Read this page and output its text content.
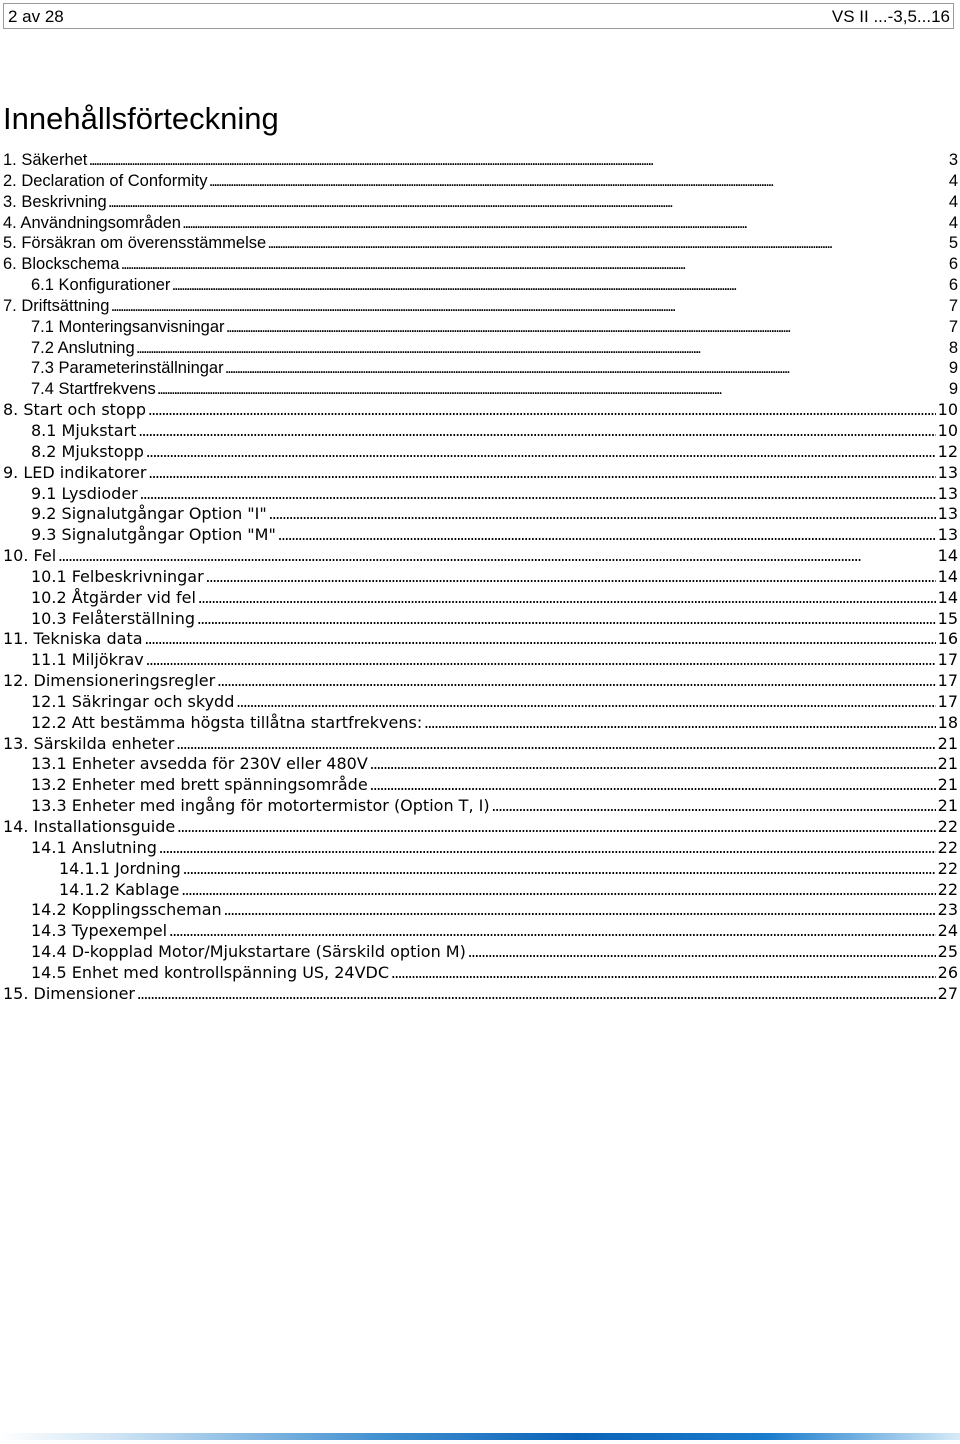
2 av 28	VS II ...-3,5...16
Innehållsförteckning
1. Säkerhet . . .	3
2. Declaration of Conformity . . .	4
3. Beskrivning . . .	4
4. Användningsområden . . .	4
5. Försäkran om överensstämmelse . . .	5
6. Blockschema . . .	6
6.1 Konfigurationer . . .	6
7. Driftsättning . . .	7
7.1 Monteringsanvisningar . . .	7
7.2 Anslutning . . .	8
7.3 Parameterinställningar . . .	9
7.4 Startfrekvens . . .	9
8. Start och stopp . . .	10
8.1 Mjukstart . . .	10
8.2 Mjukstopp . . .	12
9. LED indikatorer . . .	13
9.1 Lysdioder . . .	13
9.2 Signalutgångar Option "I" . . .	13
9.3 Signalutgångar Option "M" . . .	13
10. Fel . . .	14
10.1 Felbeskrivningar . . .	14
10.2 Åtgärder vid fel . . .	14
10.3 Felåterställning . . .	15
11. Tekniska data . . .	16
11.1 Miljökrav . . .	17
12. Dimensioneringsregler . . .	17
12.1 Säkringar och skydd . . .	17
12.2 Att bestämma högsta tillåtna startfrekvens: . . .	18
13. Särskilda enheter . . .	21
13.1 Enheter avsedda för 230V eller 480V . . .	21
13.2 Enheter med brett spänningsområde . . .	21
13.3 Enheter med ingång för motortermistor (Option T, I) . . .	21
14. Installationsguide . . .	22
14.1 Anslutning . . .	22
14.1.1 Jordning . . .	22
14.1.2 Kablage . . .	22
14.2 Kopplingsscheman . . .	23
14.3 Typexempel . . .	24
14.4 D-kopplad Motor/Mjukstartare (Särskild option M) . . .	25
14.5 Enhet med kontrollspänning US, 24VDC . . .	26
15. Dimensioner . . .	27
